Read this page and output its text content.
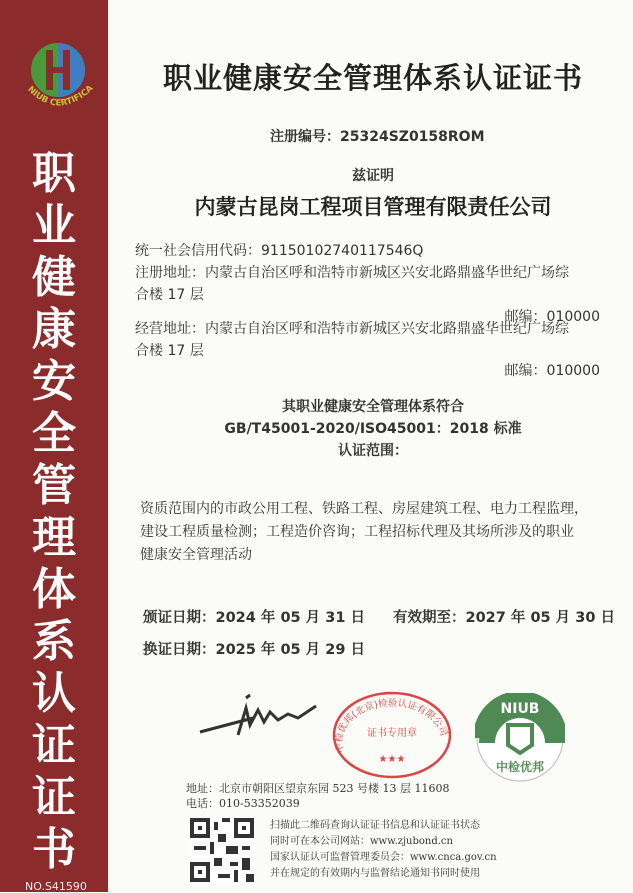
NIUB CERTIFICA
职
业
健
康
安
全
管
理
体
系
认
证
证
书
NO.S41590
职业健康安全管理体系认证证书
注册编号：25324SZ0158ROM
兹证明
内蒙古昆岗工程项目管理有限责任公司
统一社会信用代码：91150102740117546Q
注册地址：内蒙古自治区呼和浩特市新城区兴安北路鼎盛华世纪广场综
合楼 17 层
邮编：010000
经营地址：内蒙古自治区呼和浩特市新城区兴安北路鼎盛华世纪广场综
合楼 17 层
邮编：010000
其职业健康安全管理体系符合
GB/T45001-2020/ISO45001：2018 标准
认证范围：
资质范围内的市政公用工程、铁路工程、房屋建筑工程、电力工程监理，
建设工程质量检测；工程造价咨询；工程招标代理及其场所涉及的职业
健康安全管理活动
颁证日期：2024 年 05 月 31 日 有效期至：2027 年 05 月 30 日
换证日期：2025 年 05 月 29 日
中检优邦(北京)检验认证有限公司
证书专用章
★★★
NIUB
中检优邦
地址：北京市朝阳区望京东园 523 号楼 13 层 11608
电话：010-53352039
扫描此二维码查询认证证书信息和认证证书状态
同时可在本公司网站：www.zjubond.cn
国家认证认可监督管理委员会：www.cnca.gov.cn
并在规定的有效期内与监督结论通知书同时使用
